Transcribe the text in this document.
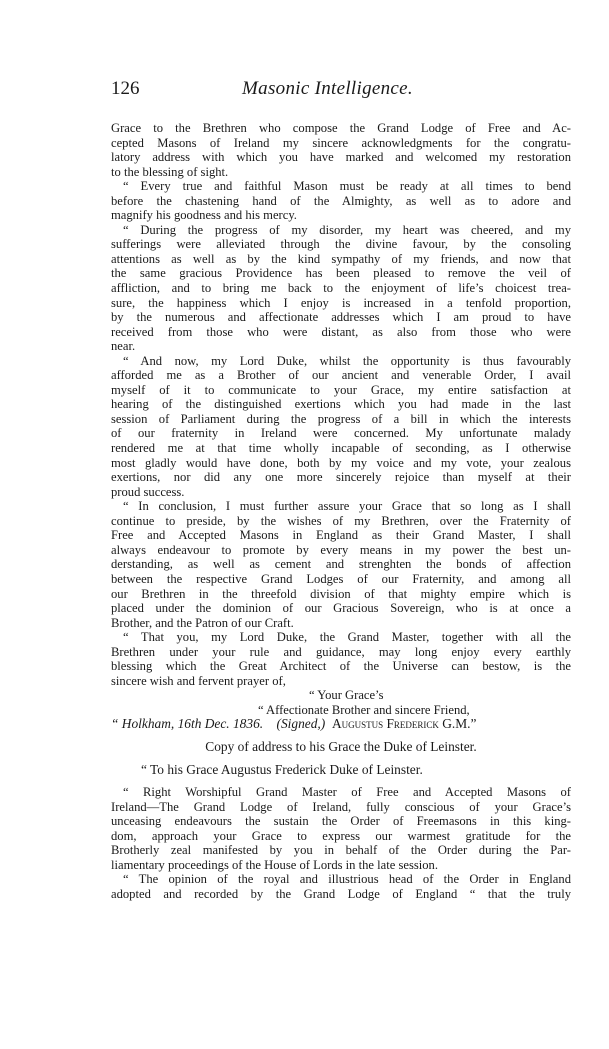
126	Masonic Intelligence.
Grace to the Brethren who compose the Grand Lodge of Free and Ac-
cepted Masons of Ireland my sincere acknowledgments for the congratu-
latory address with which you have marked and welcomed my restoration
to the blessing of sight.
“ Every true and faithful Mason must be ready at all times to bend
before the chastening hand of the Almighty, as well as to adore and
magnify his goodness and his mercy.
“ During the progress of my disorder, my heart was cheered, and my
sufferings were alleviated through the divine favour, by the consoling
attentions as well as by the kind sympathy of my friends, and now that
the same gracious Providence has been pleased to remove the veil of
affliction, and to bring me back to the enjoyment of life’s choicest trea-
sure, the happiness which I enjoy is increased in a tenfold proportion,
by the numerous and affectionate addresses which I am proud to have
received from those who were distant, as also from those who were
near.
“ And now, my Lord Duke, whilst the opportunity is thus favourably
afforded me as a Brother of our ancient and venerable Order, I avail
myself of it to communicate to your Grace, my entire satisfaction at
hearing of the distinguished exertions which you had made in the last
session of Parliament during the progress of a bill in which the interests
of our fraternity in Ireland were concerned. My unfortunate malady
rendered me at that time wholly incapable of seconding, as I otherwise
most gladly would have done, both by my voice and my vote, your zealous
exertions, nor did any one more sincerely rejoice than myself at their
proud success.
“ In conclusion, I must further assure your Grace that so long as I shall
continue to preside, by the wishes of my Brethren, over the Fraternity of
Free and Accepted Masons in England as their Grand Master, I shall
always endeavour to promote by every means in my power the best un-
derstanding, as well as cement and strenghten the bonds of affection
between the respective Grand Lodges of our Fraternity, and among all
our Brethren in the threefold division of that mighty empire which is
placed under the dominion of our Gracious Sovereign, who is at once a
Brother, and the Patron of our Craft.
“ That you, my Lord Duke, the Grand Master, together with all the
Brethren under your rule and guidance, may long enjoy every earthly
blessing which the Great Architect of the Universe can bestow, is the
sincere wish and fervent prayer of,
“ Your Grace’s
“ Affectionate Brother and sincere Friend,
“ Holkham, 16th Dec. 1836. (Signed,) Augustus Frederick G.M.”
Copy of address to his Grace the Duke of Leinster.
“ To his Grace Augustus Frederick Duke of Leinster.
“ Right Worshipful Grand Master of Free and Accepted Masons of
Ireland—The Grand Lodge of Ireland, fully conscious of your Grace’s
unceasing endeavours the sustain the Order of Freemasons in this king-
dom, approach your Grace to express our warmest gratitude for the
Brotherly zeal manifested by you in behalf of the Order during the Par-
liamentary proceedings of the House of Lords in the late session.
“ The opinion of the royal and illustrious head of the Order in England
adopted and recorded by the Grand Lodge of England “ that the truly
